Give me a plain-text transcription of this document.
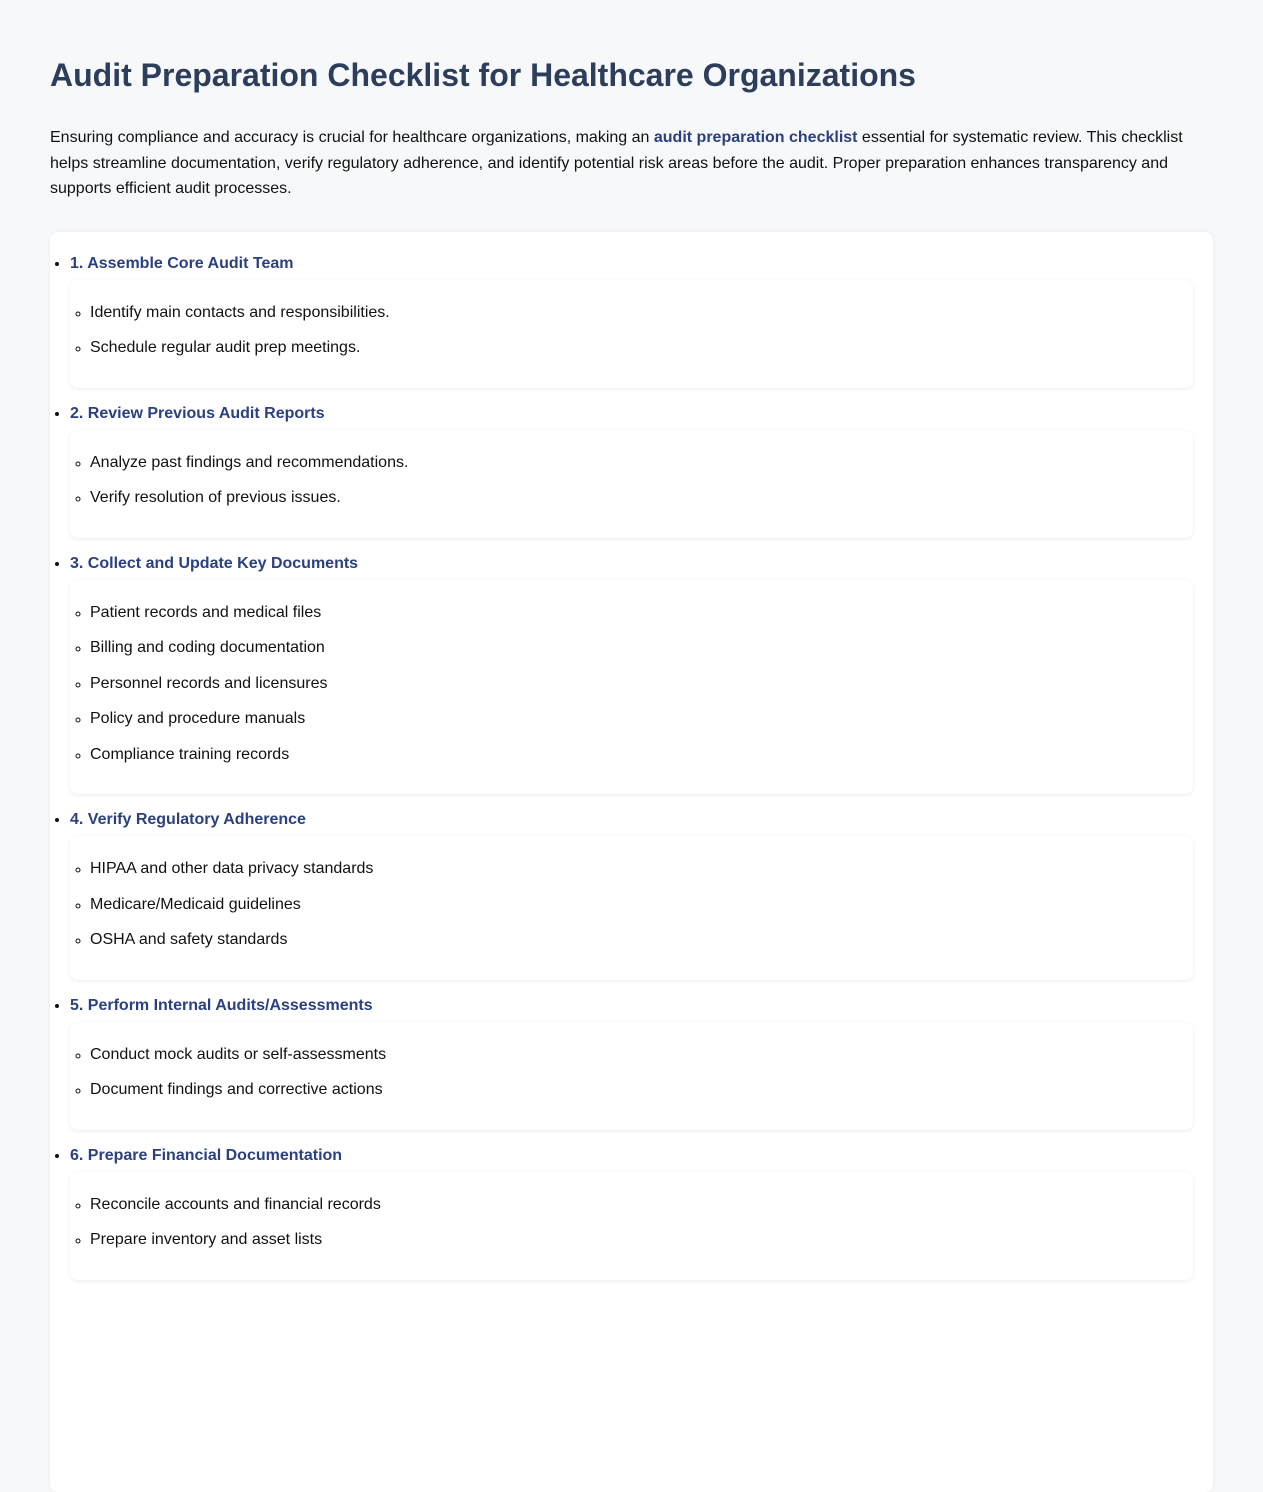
Audit Preparation Checklist for Healthcare Organizations

Ensuring compliance and accuracy is crucial for healthcare organizations, making an audit preparation checklist essential for systematic review. This checklist helps streamline documentation, verify regulatory adherence, and identify potential risk areas before the audit. Proper preparation enhances transparency and supports efficient audit processes.

• 1. Assemble Core Audit Team
◦ Identify main contacts and responsibilities.
◦ Schedule regular audit prep meetings.
• 2. Review Previous Audit Reports
◦ Analyze past findings and recommendations.
◦ Verify resolution of previous issues.
• 3. Collect and Update Key Documents
◦ Patient records and medical files
◦ Billing and coding documentation
◦ Personnel records and licensures
◦ Policy and procedure manuals
◦ Compliance training records
• 4. Verify Regulatory Adherence
◦ HIPAA and other data privacy standards
◦ Medicare/Medicaid guidelines
◦ OSHA and safety standards
• 5. Perform Internal Audits/Assessments
◦ Conduct mock audits or self-assessments
◦ Document findings and corrective actions
• 6. Prepare Financial Documentation
◦ Reconcile accounts and financial records
◦ Prepare inventory and asset lists
